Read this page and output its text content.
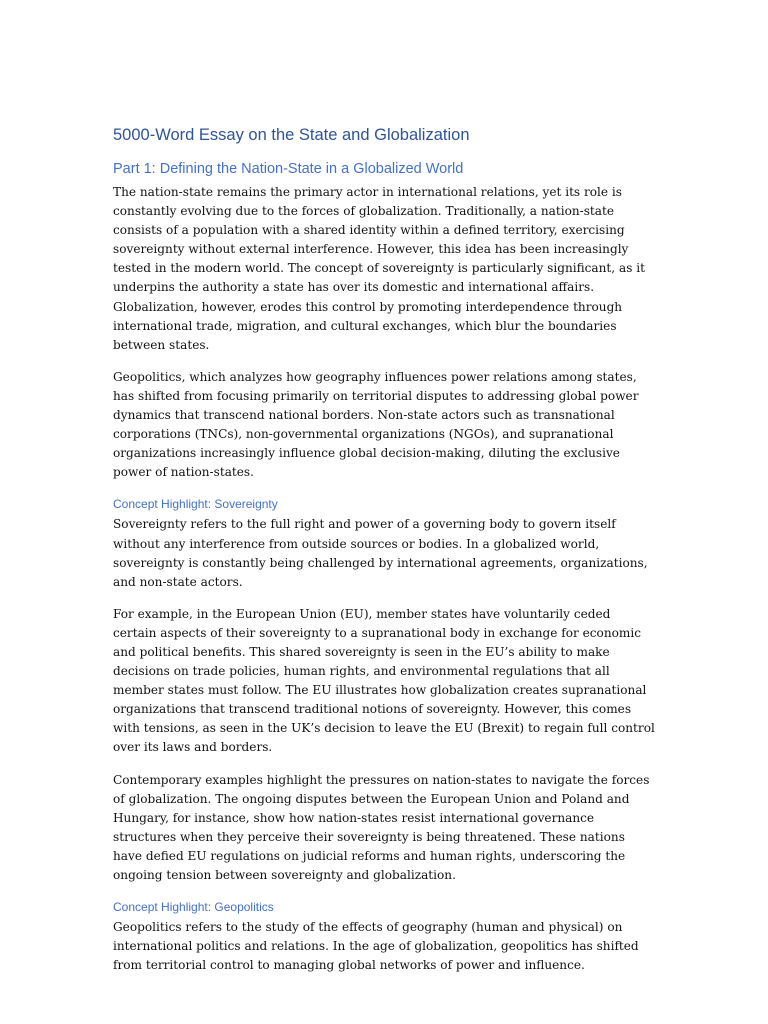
5000-Word Essay on the State and Globalization
Part 1: Defining the Nation-State in a Globalized World

The nation-state remains the primary actor in international relations, yet its role is constantly evolving due to the forces of globalization. Traditionally, a nation-state consists of a population with a shared identity within a defined territory, exercising sovereignty without external interference. However, this idea has been increasingly tested in the modern world. The concept of sovereignty is particularly significant, as it underpins the authority a state has over its domestic and international affairs. Globalization, however, erodes this control by promoting interdependence through international trade, migration, and cultural exchanges, which blur the boundaries between states.

Geopolitics, which analyzes how geography influences power relations among states, has shifted from focusing primarily on territorial disputes to addressing global power dynamics that transcend national borders. Non-state actors such as transnational corporations (TNCs), non-governmental organizations (NGOs), and supranational organizations increasingly influence global decision-making, diluting the exclusive power of nation-states.

Concept Highlight: Sovereignty

Sovereignty refers to the full right and power of a governing body to govern itself without any interference from outside sources or bodies. In a globalized world, sovereignty is constantly being challenged by international agreements, organizations, and non-state actors.

For example, in the European Union (EU), member states have voluntarily ceded certain aspects of their sovereignty to a supranational body in exchange for economic and political benefits. This shared sovereignty is seen in the EU’s ability to make decisions on trade policies, human rights, and environmental regulations that all member states must follow. The EU illustrates how globalization creates supranational organizations that transcend traditional notions of sovereignty. However, this comes with tensions, as seen in the UK’s decision to leave the EU (Brexit) to regain full control over its laws and borders.

Contemporary examples highlight the pressures on nation-states to navigate the forces of globalization. The ongoing disputes between the European Union and Poland and Hungary, for instance, show how nation-states resist international governance structures when they perceive their sovereignty is being threatened. These nations have defied EU regulations on judicial reforms and human rights, underscoring the ongoing tension between sovereignty and globalization.

Concept Highlight: Geopolitics

Geopolitics refers to the study of the effects of geography (human and physical) on international politics and relations. In the age of globalization, geopolitics has shifted from territorial control to managing global networks of power and influence.
